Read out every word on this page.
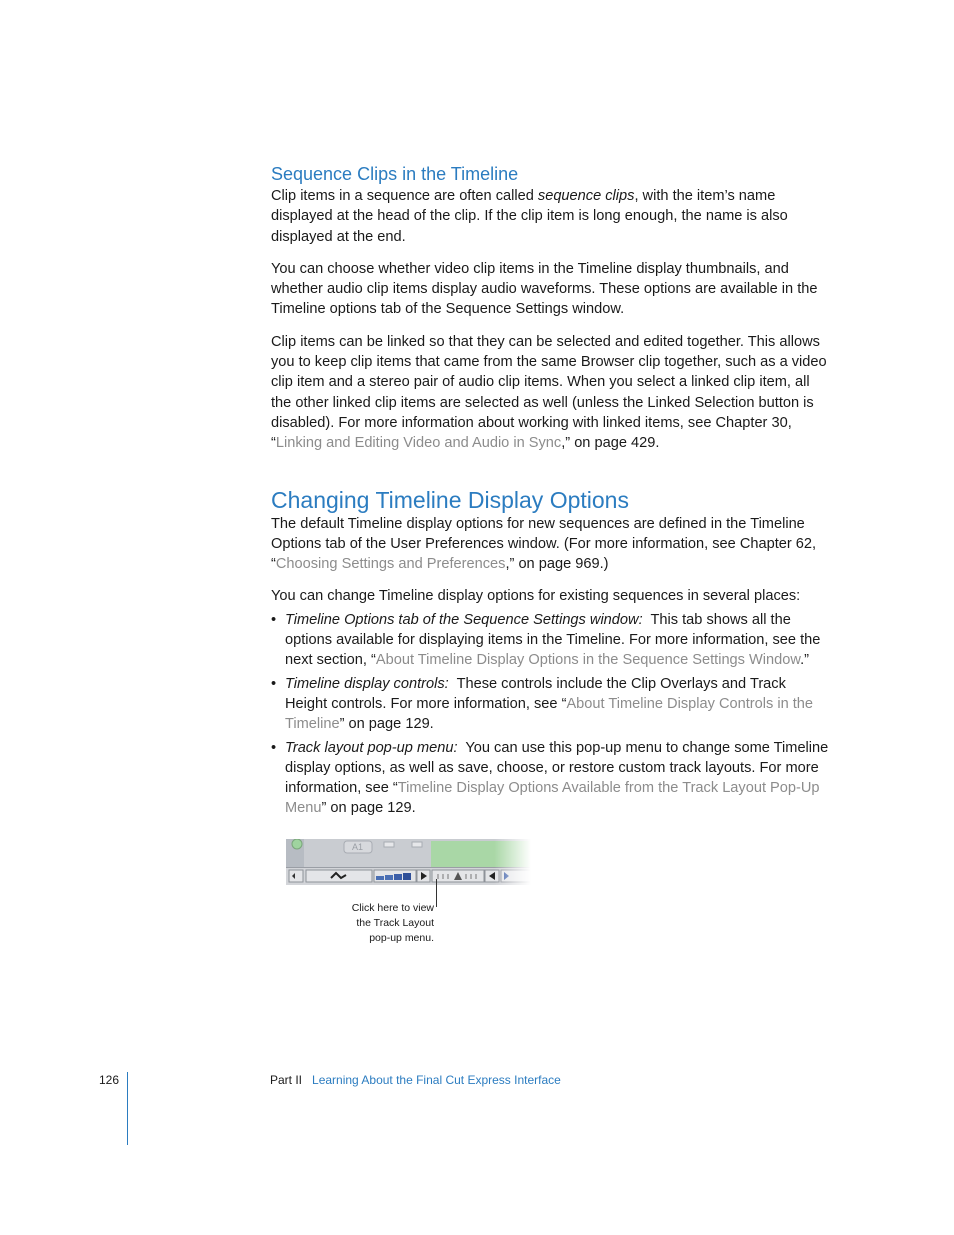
Sequence Clips in the Timeline

Clip items in a sequence are often called sequence clips, with the item’s name displayed at the head of the clip. If the clip item is long enough, the name is also displayed at the end.

You can choose whether video clip items in the Timeline display thumbnails, and whether audio clip items display audio waveforms. These options are available in the Timeline options tab of the Sequence Settings window.

Clip items can be linked so that they can be selected and edited together. This allows you to keep clip items that came from the same Browser clip together, such as a video clip item and a stereo pair of audio clip items. When you select a linked clip item, all the other linked clip items are selected as well (unless the Linked Selection button is disabled). For more information about working with linked items, see Chapter 30, “Linking and Editing Video and Audio in Sync,” on page 429.

Changing Timeline Display Options

The default Timeline display options for new sequences are defined in the Timeline Options tab of the User Preferences window. (For more information, see Chapter 62, “Choosing Settings and Preferences,” on page 969.)

You can change Timeline display options for existing sequences in several places:

• Timeline Options tab of the Sequence Settings window:  This tab shows all the options available for displaying items in the Timeline. For more information, see the next section, “About Timeline Display Options in the Sequence Settings Window.”
• Timeline display controls:  These controls include the Clip Overlays and Track Height controls. For more information, see “About Timeline Display Controls in the Timeline” on page 129.
• Track layout pop-up menu:  You can use this pop-up menu to change some Timeline display options, as well as save, choose, or restore custom track layouts. For more information, see “Timeline Display Options Available from the Track Layout Pop-Up Menu” on page 129.
Click here to view
the Track Layout
pop-up menu.
126	Part II Learning About the Final Cut Express Interface
